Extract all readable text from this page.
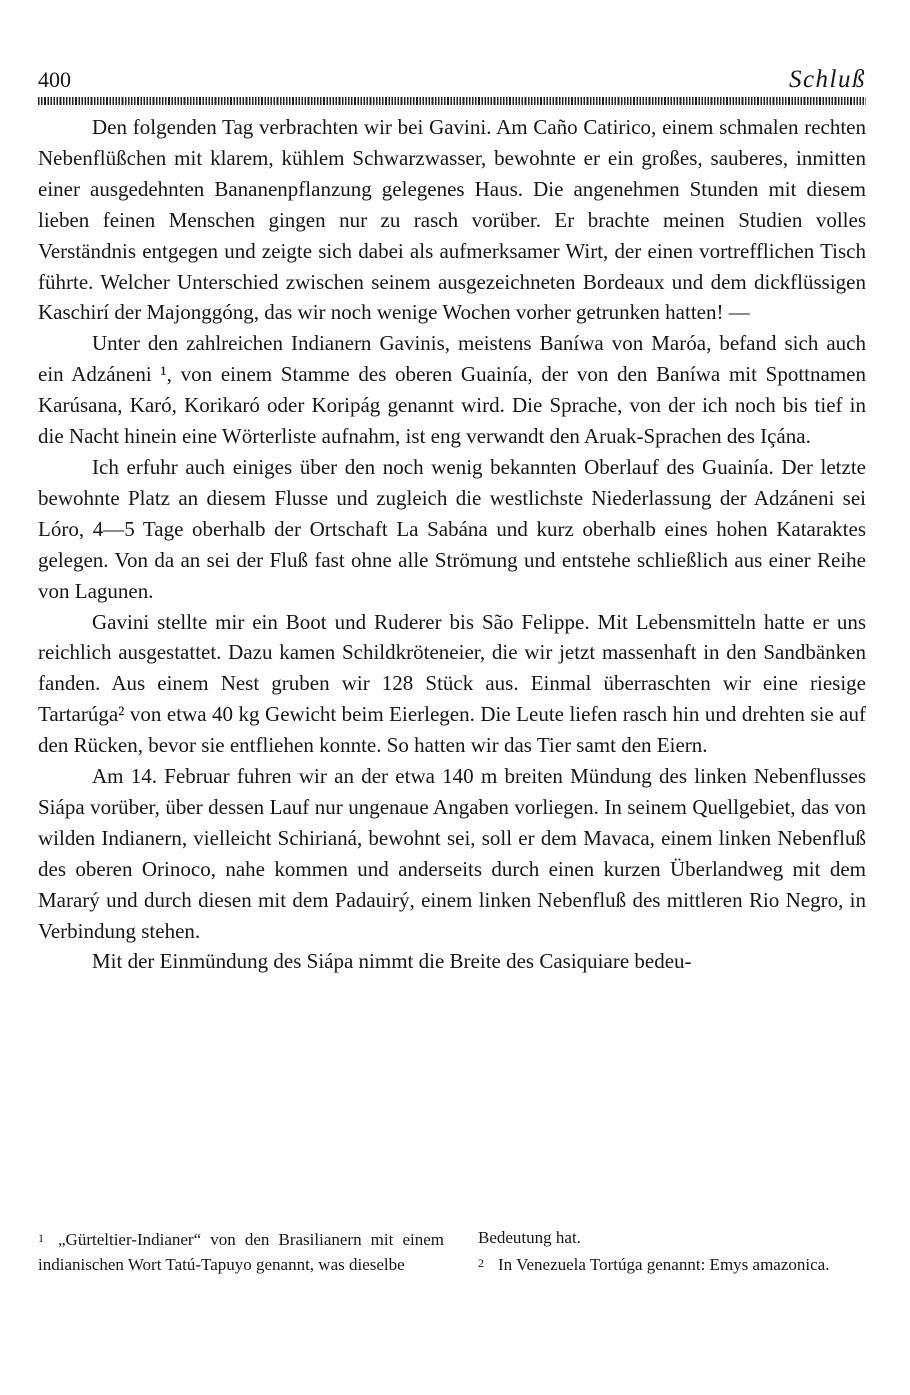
400	Schluß

Den folgenden Tag verbrachten wir bei Gavini. Am Caño Catirico, einem schmalen rechten Nebenflüßchen mit klarem, kühlem Schwarzwasser, bewohnte er ein großes, sauberes, inmitten einer ausgedehnten Bananenpflanzung gelegenes Haus. Die angenehmen Stunden mit diesem lieben feinen Menschen gingen nur zu rasch vorüber. Er brachte meinen Studien volles Verständnis entgegen und zeigte sich dabei als aufmerksamer Wirt, der einen vortrefflichen Tisch führte. Welcher Unterschied zwischen seinem ausgezeichneten Bordeaux und dem dickflüssigen Kaschirí der Majonggóng, das wir noch wenige Wochen vorher getrunken hatten! —

Unter den zahlreichen Indianern Gavinis, meistens Baníwa von Maróa, befand sich auch ein Adzáneni ¹, von einem Stamme des oberen Guainía, der von den Baníwa mit Spottnamen Karúsana, Karó, Korikaró oder Koripág genannt wird. Die Sprache, von der ich noch bis tief in die Nacht hinein eine Wörterliste aufnahm, ist eng verwandt den Aruak-Sprachen des Içána.

Ich erfuhr auch einiges über den noch wenig bekannten Oberlauf des Guainía. Der letzte bewohnte Platz an diesem Flusse und zugleich die westlichste Niederlassung der Adzáneni sei Lóro, 4—5 Tage oberhalb der Ortschaft La Sabána und kurz oberhalb eines hohen Kataraktes gelegen. Von da an sei der Fluß fast ohne alle Strömung und entstehe schließlich aus einer Reihe von Lagunen.

Gavini stellte mir ein Boot und Ruderer bis São Felippe. Mit Lebensmitteln hatte er uns reichlich ausgestattet. Dazu kamen Schildkröteneier, die wir jetzt massenhaft in den Sandbänken fanden. Aus einem Nest gruben wir 128 Stück aus. Einmal überraschten wir eine riesige Tartarúga² von etwa 40 kg Gewicht beim Eierlegen. Die Leute liefen rasch hin und drehten sie auf den Rücken, bevor sie entfliehen konnte. So hatten wir das Tier samt den Eiern.

Am 14. Februar fuhren wir an der etwa 140 m breiten Mündung des linken Nebenflusses Siápa vorüber, über dessen Lauf nur ungenaue Angaben vorliegen. In seinem Quellgebiet, das von wilden Indianern, vielleicht Schirianá, bewohnt sei, soll er dem Mavaca, einem linken Nebenfluß des oberen Orinoco, nahe kommen und anderseits durch einen kurzen Überlandweg mit dem Mararý und durch diesen mit dem Padauirý, einem linken Nebenfluß des mittleren Rio Negro, in Verbindung stehen.

Mit der Einmündung des Siápa nimmt die Breite des Casiquiare bedeu-

1 „Gürteltier-Indianer“ von den Brasilianern mit einem indianischen Wort Tatú-Tapuyo genannt, was dieselbe
Bedeutung hat.
2 In Venezuela Tortúga genannt: Emys amazonica.
